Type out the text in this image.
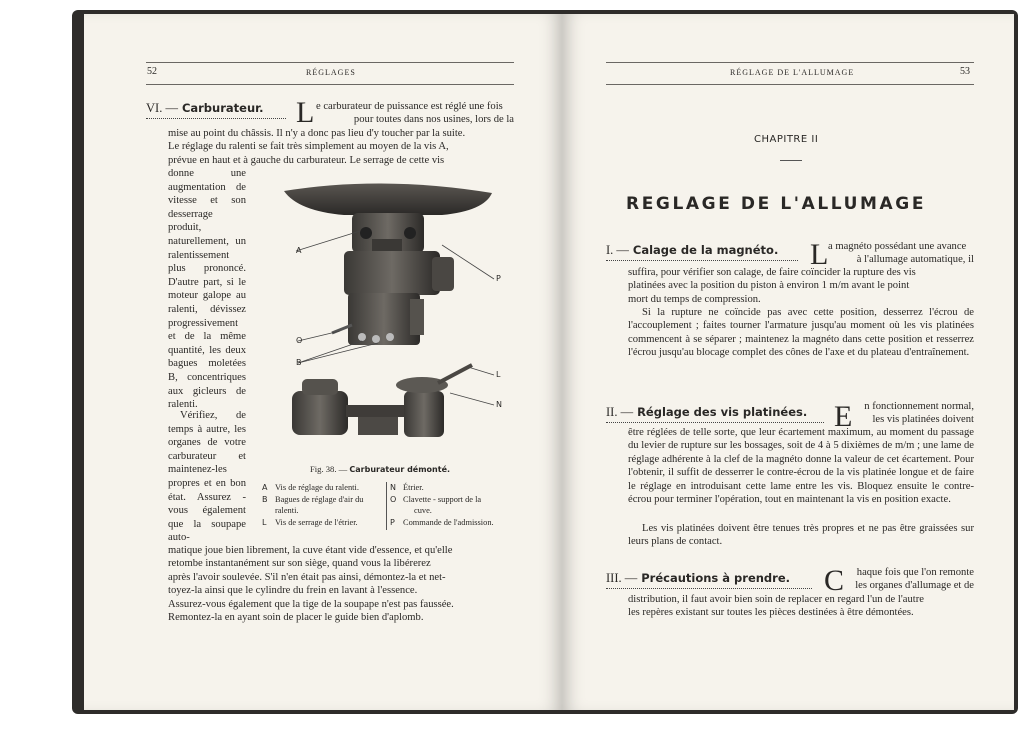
52	RÉGLAGES
VI. — Carburateur. L e carburateur de puissance est réglé une fois

pour toutes dans nos usines, lors de la

mise au point du châssis. Il n'y a donc pas lieu d'y toucher par la suite.

Le réglage du ralenti se fait très simplement au moyen de la vis A,

prévue en haut et à gauche du carburateur. Le serrage de cette vis

donne une augmentation de vitesse et son desserrage produit, naturellement, un ralentissement plus prononcé. D'autre part, si le moteur galope au ralenti, dévissez progressivement et de la même quantité, les deux bagues moletées B, concentriques aux gicleurs de ralenti.
Vérifiez, de temps à autre, les organes de votre carburateur et maintenez-les propres et en bon état. Assurez - vous également que la soupape auto-
A
P
O
B
L
N
Fig. 38. — Carburateur démonté.
A Vis de réglage du ralenti.
B Bagues de réglage d'air du
ralenti.
L Vis de serrage de l'étrier.
N Étrier.
O Clavette - support de la
cuve.
P Commande de l'admission.

matique joue bien librement, la cuve étant vide d'essence, et qu'elle

retombe instantanément sur son siège, quand vous la libérerez

après l'avoir soulevée. S'il n'en était pas ainsi, démontez-la et net-

toyez-la ainsi que le cylindre du frein en lavant à l'essence.

Assurez-vous également que la tige de la soupape n'est pas faussée.

Remontez-la en ayant soin de placer le guide bien d'aplomb.

RÉGLAGE DE L'ALLUMAGE	53
CHAPITRE II
REGLAGE DE L'ALLUMAGE
I. — Calage de la magnéto. L a magnéto possédant une avance

à l'allumage automatique, il

suffira, pour vérifier son calage, de faire coïncider la rupture des vis

platinées avec la position du piston à environ 1 m/m avant le point

mort du temps de compression.

Si la rupture ne coïncide pas avec cette position, desserrez l'écrou de l'accouplement ; faites tourner l'armature jusqu'au moment où les vis platinées commencent à se séparer ; maintenez la magnéto dans cette position et resserrez l'écrou jusqu'au blocage complet des cônes de l'axe et du plateau d'entraînement.
II. — Réglage des vis platinées. E	n fonctionnement normal,

les vis platinées doivent

être réglées de telle sorte, que leur écartement maximum, au moment du passage du levier de rupture sur les bossages, soit de 4 à 5 dixièmes de m/m ; une lame de réglage adhérente à la clef de la magnéto donne la valeur de cet écartement. Pour l'obtenir, il suffit de desserrer le contre-écrou de la vis platinée longue et de faire le réglage en introduisant cette lame entre les vis. Bloquez ensuite le contre-écrou pour terminer l'opération, tout en maintenant la vis en position exacte.
Les vis platinées doivent être tenues très propres et ne pas être graissées sur leurs plans de contact.
III. — Précautions à prendre. C	haque fois que l'on remonte

les organes d'allumage et de

distribution, il faut avoir bien soin de replacer en regard l'un de l'autre

les repères existant sur toutes les pièces destinées à être démontées.
